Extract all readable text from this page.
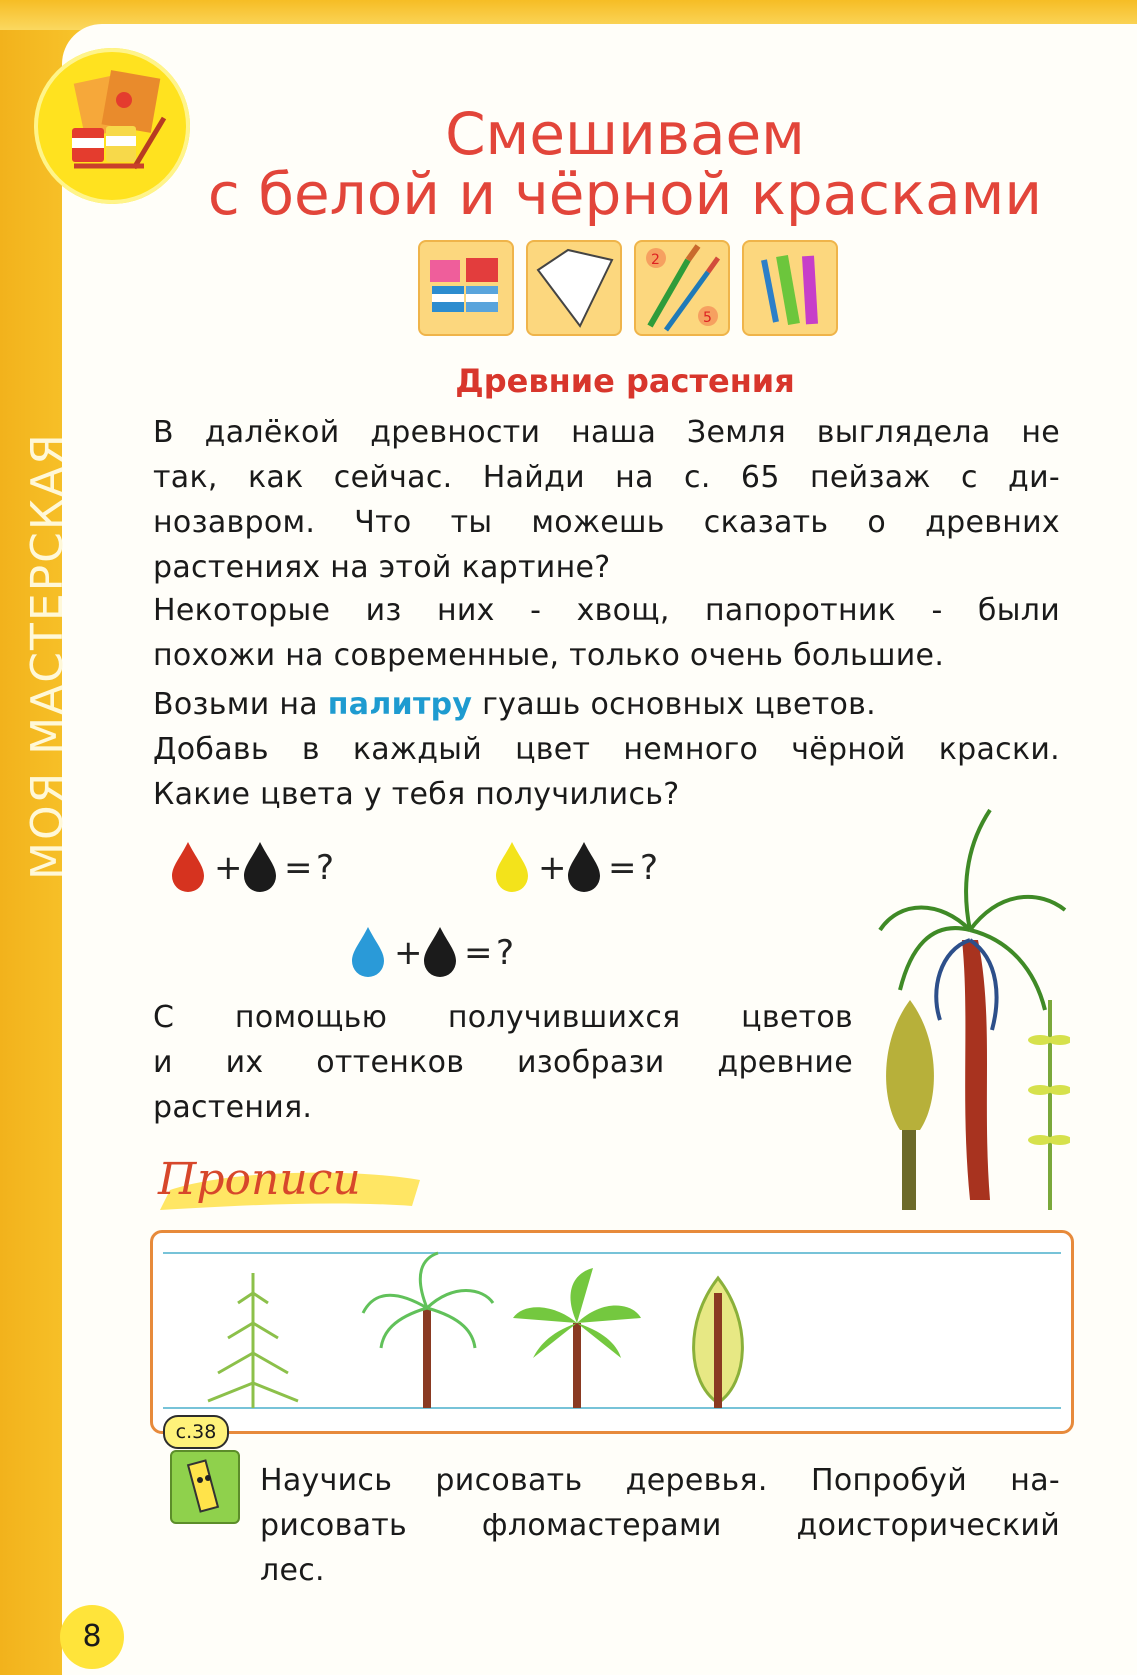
МОЯ МАСТЕРСКАЯ
Смешиваем
с белой и чёрной красками
2
5
Древние растения
В далёкой древности наша Земля выглядела не
так, как сейчас. Найди на с. 65 пейзаж с ди-
нозавром. Что ты можешь сказать о древних
растениях на этой картине?
Некоторые из них - хвощ, папоротник - были
похожи на современные, только очень большие.
Возьми на палитру гуашь основных цветов.
Добавь в каждый цвет немного чёрной краски.
Какие цвета у тебя получились?
+ = ?	+ = ?
+ = ?
С помощью получившихся цветов
и их оттенков изобрази древние
растения.
Прописи
с.38
Научись рисовать деревья. Попробуй на-
рисовать фломастерами доисторический
лес.
8
